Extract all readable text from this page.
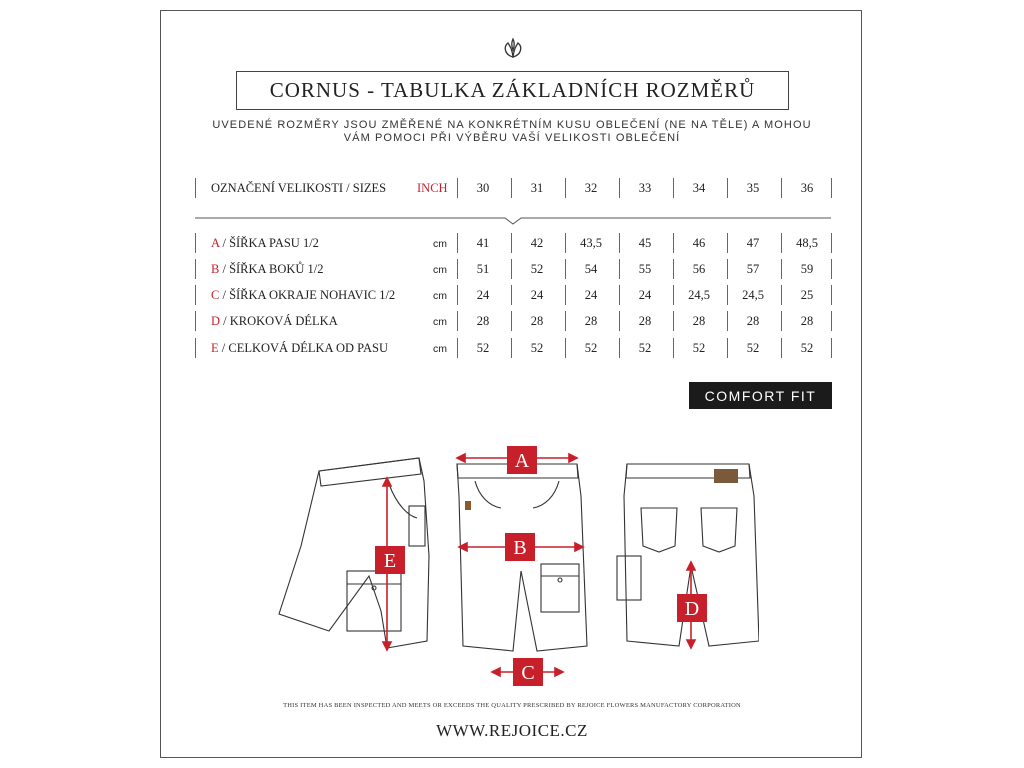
CORNUS - TABULKA ZÁKLADNÍCH ROZMĚRŮ
UVEDENÉ ROZMĚRY JSOU ZMĚŘENÉ NA KONKRÉTNÍM KUSU OBLEČENÍ (NE NA TĚLE) A MOHOU
VÁM POMOCI PŘI VÝBĚRU VAŠÍ VELIKOSTI OBLEČENÍ
OZNAČENÍ VELIKOSTI / SIZES INCH	30	31	32	33	34	35	36
A / ŠÍŘKA PASU 1/2	cm	41	42	43,5	45	46	47	48,5
B / ŠÍŘKA BOKŮ 1/2	cm	51	52	54	55	56	57	59
C / ŠÍŘKA OKRAJE NOHAVIC 1/2	cm	24	24	24	24	24,5	24,5	25
D / KROKOVÁ DÉLKA	cm	28	28	28	28	28	28	28
E / CELKOVÁ DÉLKA OD PASU	cm	52	52	52	52	52	52	52
COMFORT FIT
A
B
C
D
E
THIS ITEM HAS BEEN INSPECTED AND MEETS OR EXCEEDS THE QUALITY PRESCRIBED BY REJOICE FLOWERS MANUFACTORY CORPORATION
WWW.REJOICE.CZ
